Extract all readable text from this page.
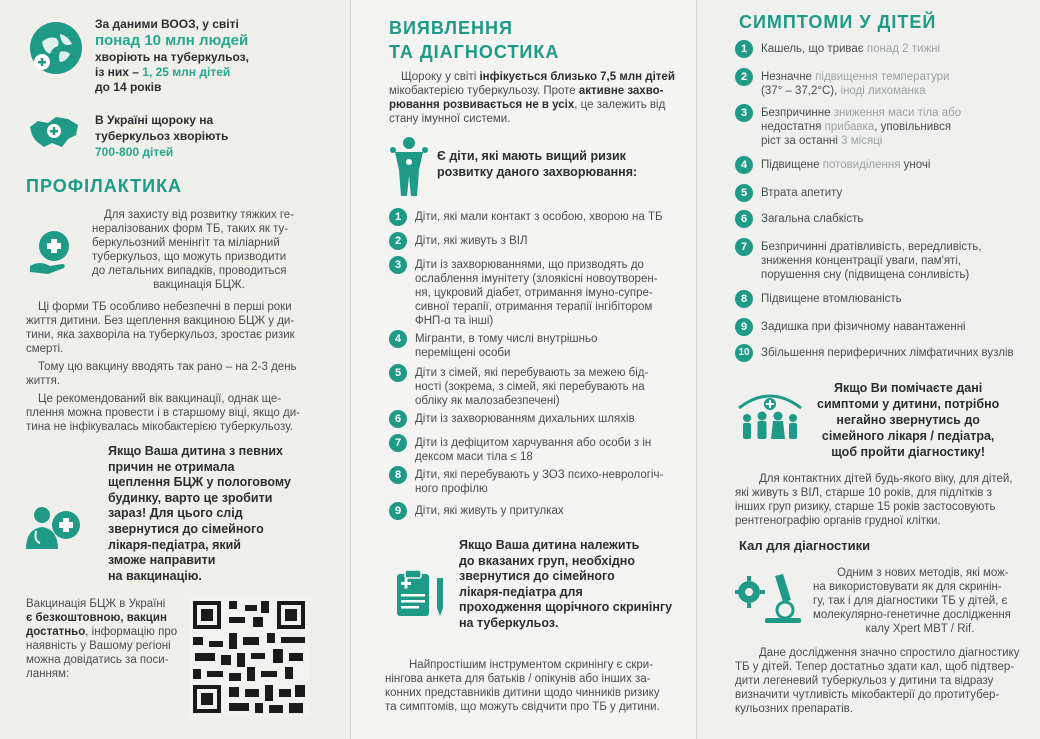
За даними ВООЗ, у світі
понад 10 млн людей
хворіють на туберкульоз,
із них – 1, 25 млн дітей
до 14 років
В Україні щороку на
туберкульоз хворіють
700-800 дітей
ПРОФІЛАКТИКА
Для захисту від розвитку тяжких ге-
нералізованих форм ТБ, таких як ту-
беркульозний менінгіт та міліарний
туберкульоз, що можуть призводити
до летальних випадків, проводиться
вакцинація БЦЖ.
Ці форми ТБ особливо небезпечні в перші роки
життя дитини. Без щеплення вакциною БЦЖ у ди-
тини, яка захворіла на туберкульоз, зростає ризик
смерті.
Тому цю вакцину вводять так рано – на 2-3 день
життя.
Це рекомендований вік вакцинації, однак ще-
плення можна провести і в старшому віці, якщо ди-
тина не інфікувалась мікобактерією туберкульозу.
Якщо Ваша дитина з певних
причин не отримала
щеплення БЦЖ у пологовому
будинку, варто це зробити
зараз! Для цього слід
звернутися до сімейного
лікаря-педіатра, який
зможе направити
на вакцинацію.
Вакцинація БЦЖ в Україні
є безкоштовною, вакцин
достатньо, інформацію про
наявність у Вашому регіоні
можна довідатись за поси-
ланням:
ВИЯВЛЕННЯ
ТА ДІАГНОСТИКА
Щороку у світі інфікується близько 7,5 млн дітей
мікобактерією туберкульозу. Проте активне захво-
рювання розвивається не в усіх, це залежить від
стану імунної системи.
Є діти, які мають вищий ризик
розвитку даного захворювання:
1	Діти, які мали контакт з особою, хворою на ТБ
2	Діти, які живуть з ВІЛ
3	Діти із захворюваннями, що призводять до
ослаблення імунітету (злоякісні новоутворен-
ня, цукровий діабет, отримання імуно-супре-
сивної терапії, отримання терапії інгібітором
ФНП-α та інші)
4	Мігранти, в тому числі внутрішньо
переміщені особи
5	Діти з сімей, які перебувають за межею бід-
ності (зокрема, з сімей, які перебувають на
обліку як малозабезпечені)
6	Діти із захворюванням дихальних шляхів
7	Діти із дефіцитом харчування або особи з ін
дексом маси тіла ≤ 18
8	Діти, які перебувають у ЗОЗ психо-неврологіч-
ного профілю
9	Діти, які живуть у притулках
Якщо Ваша дитина належить
до вказаних груп, необхідно
звернутися до сімейного
лікаря-педіатра для
проходження щорічного скринінгу
на туберкульоз.
Найпростішим інструментом скринінгу є скри-
нінгова анкета для батьків / опікунів або інших за-
конних представників дитини щодо чинників ризику
та симптомів, що можуть свідчити про ТБ у дитини.
СИМПТОМИ У ДІТЕЙ
1	Кашель, що триває понад 2 тижні
2	Незначне підвищення температури
(37° – 37,2°С), іноді лихоманка
3	Безпричинне зниження маси тіла або
недостатня прибавка, уповільнився
ріст за останні 3 місяці
4	Підвищене потовиділення уночі
5	Втрата апетиту
6	Загальна слабкість
7	Безпричинні дратівливість, вередливість,
зниження концентрації уваги, пам'яті,
порушення сну (підвищена сонливість)
8	Підвищене втомлюваність
9	Задишка при фізичному навантаженні
10 Збільшення периферичних лімфатичних вузлів
Якщо Ви помічаєте дані
симптоми у дитини, потрібно
негайно звернутись до
сімейного лікаря / педіатра,
щоб пройти діагностику!
Для контактних дітей будь-якого віку, для дітей,
які живуть з ВІЛ, старше 10 років, для підлітків з
інших груп ризику, старше 15 років застосовують
рентгенографію органів грудної клітки.
Кал для діагностики
Одним з нових методів, які мож-
на використовувати як для скринін-
гу, так і для діагностики ТБ у дітей, є
молекулярно-генетичне дослідження
калу Xpert MBT / Rif.
Дане дослідження значно спростило діагностику
ТБ у дітей. Тепер достатньо здати кал, щоб підтвер-
дити легеневий туберкульоз у дитини та відразу
визначити чутливість мікобактерії до протитубер-
кульозних препаратів.
